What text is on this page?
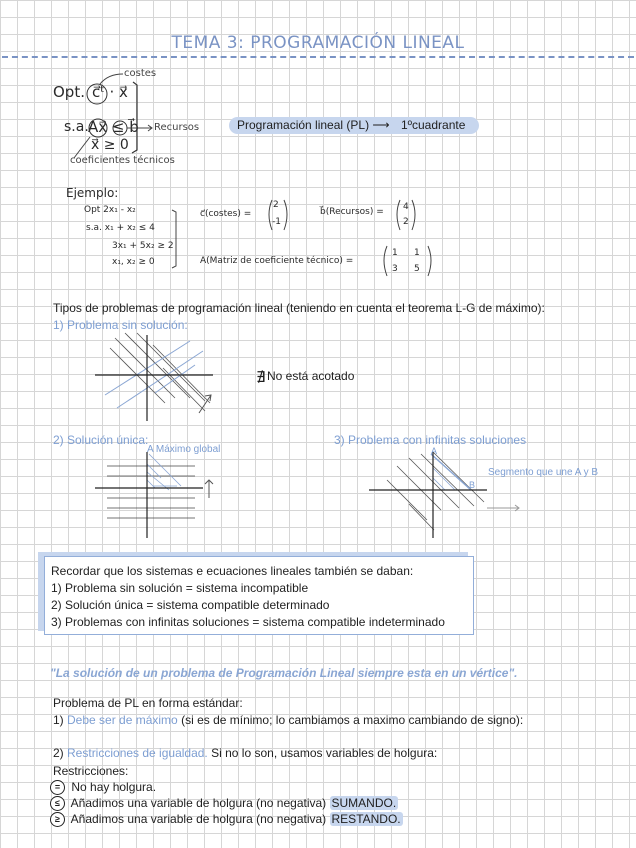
TEMA 3: PROGRAMACIÓN LINEAL
Opt. c⃗ᵗ · x⃗
costes
s.a. Ax⃗ ≤ b⃗ Recursos
x⃗ ≥ 0
coeficientes técnicos
Programación lineal (PL) ⟶ 1ºcuadrante
Ejemplo:
Opt 2x₁ - x₂
s.a. x₁ + x₂ ≤ 4
3x₁ + 5x₂ ≥ 2
x₁, x₂ ≥ 0
c⃗(costes) =
2
-1
b⃗(Recursos) = 4
2
A(Matriz de coeficiente técnico) =
1 1
3 5
Tipos de problemas de programación lineal (teniendo en cuenta el teorema L-G de máximo):
1) Problema sin solución:
∄ No está acotado
2) Solución única:	3) Problema con infinitas soluciones
A Máximo global	A
B
Segmento que une A y B
Recordar que los sistemas e ecuaciones lineales también se daban:
1) Problema sin solución = sistema incompatible
2) Solución única = sistema compatible determinado
3) Problemas con infinitas soluciones = sistema compatible indeterminado
"La solución de un problema de Programación Lineal siempre esta en un vértice".
Problema de PL en forma estándar:
1) Debe ser de máximo (si es de mínimo; lo cambiamos a maximo cambiando de signo):
2) Restricciones de igualdad. Si no lo son, usamos variables de holgura:
Restricciones:
= No hay holgura.
≤ Añadimos una variable de holgura (no negativa) SUMANDO.
≥ Añadimos una variable de holgura (no negativa) RESTANDO.
